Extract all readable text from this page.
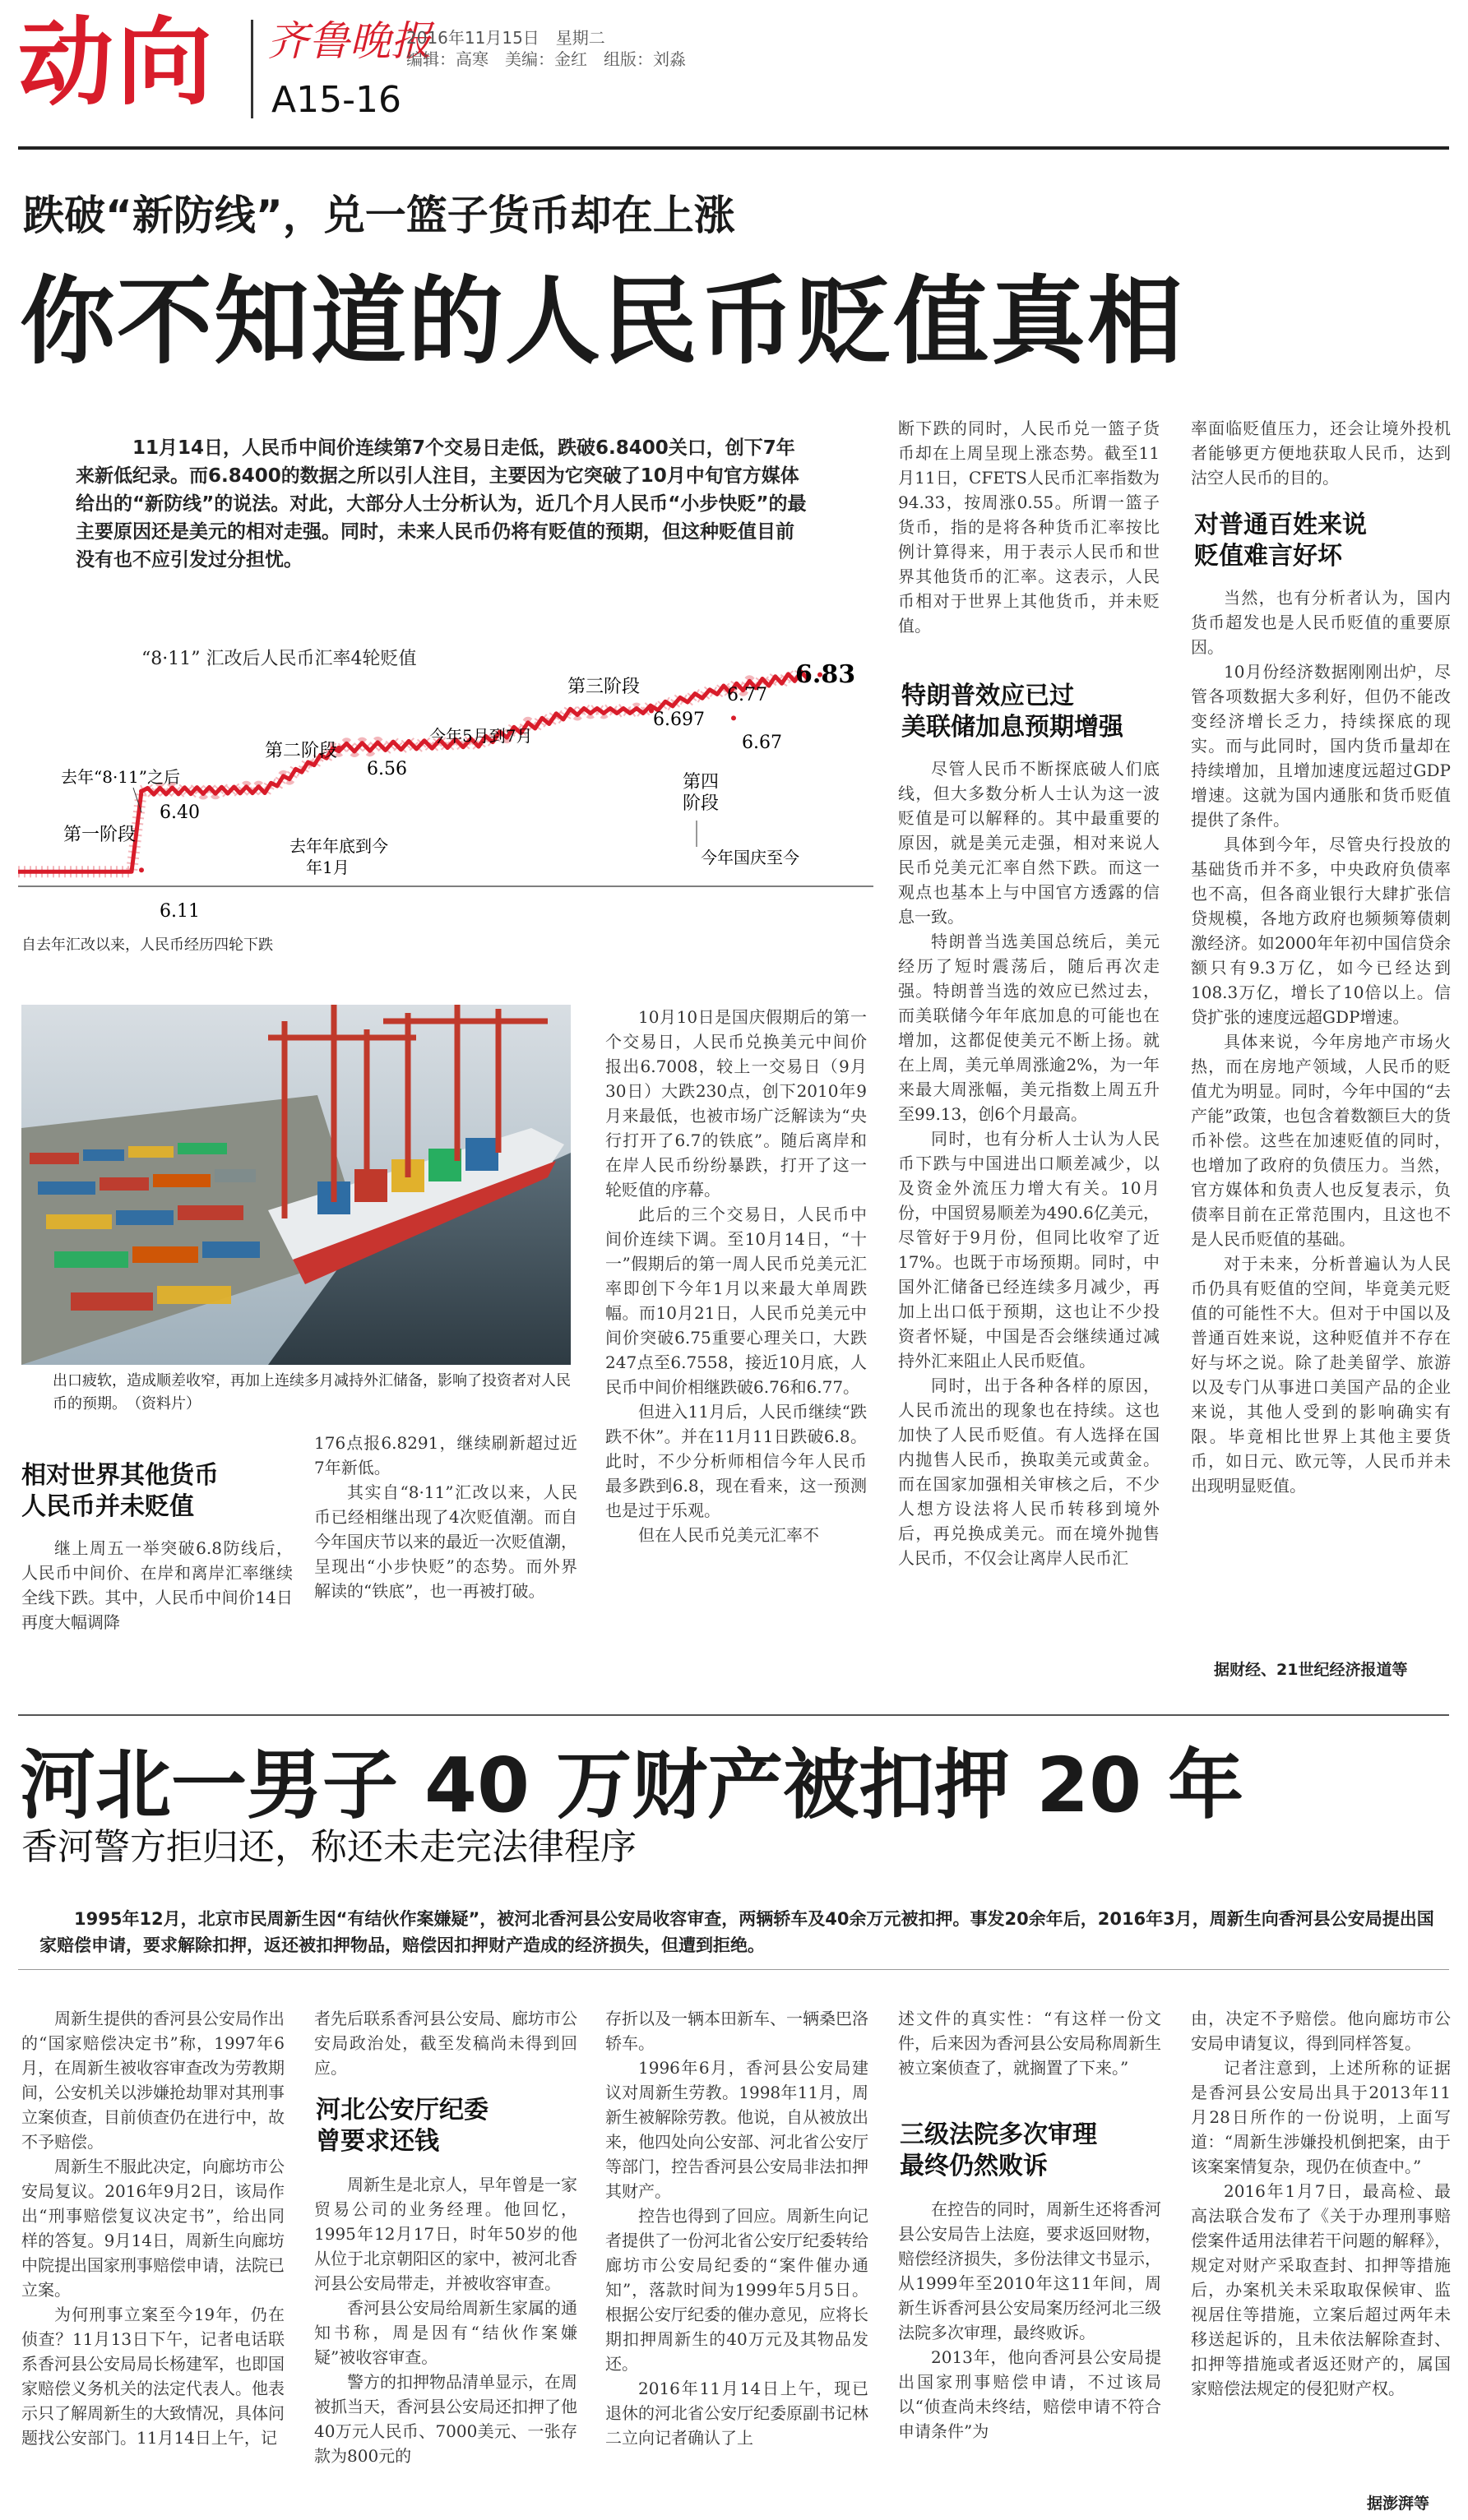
动向 齐鲁晚报
2016年11月15日　星期二
编辑：高寒　美编：金红　组版：刘淼
A15-16
跌破“新防线”，兑一篮子货币却在上涨
你不知道的人民币贬值真相
11月14日，人民币中间价连续第7个交易日走低，跌破6.8400关口，创下7年来新低纪录。而6.8400的数据之所以引人注目，主要因为它突破了10月中旬官方媒体给出的“新防线”的说法。对此，大部分人士分析认为，近几个月人民币“小步快贬”的最主要原因还是美元的相对走强。同时，未来人民币仍将有贬值的预期，但这种贬值目前没有也不应引发过分担忧。
“8·11” 汇改后人民币汇率4轮贬值
第一阶段
第二阶段
第三阶段
第四
阶段
6.11
6.40
6.56
6.697
6.67
6.77
6.83
去年“8·11”之后
去年年底到今
年1月
今年5月到7月
今年国庆至今
自去年汇改以来，人民币经历四轮下跌
出口疲软，造成顺差收窄，再加上连续多月减持外汇储备，影响了投资者对人民币的预期。　（资料片）
相对世界其他货币
人民币并未贬值

继上周五一举突破6.8防线后，人民币中间价、在岸和离岸汇率继续全线下跌。其中，人民币中间价14日再度大幅调降

176点报6.8291，继续刷新超过近7年新低。

其实自“8·11”汇改以来，人民币已经相继出现了4次贬值潮。而自今年国庆节以来的最近一次贬值潮，呈现出“小步快贬”的态势。而外界解读的“铁底”，也一再被打破。

10月10日是国庆假期后的第一个交易日，人民币兑换美元中间价报出6.7008，较上一交易日（9月30日）大跌230点，创下2010年9月来最低，也被市场广泛解读为“央行打开了6.7的铁底”。随后离岸和在岸人民币纷纷暴跌，打开了这一轮贬值的序幕。

此后的三个交易日，人民币中间价连续下调。至10月14日，“十一”假期后的第一周人民币兑美元汇率即创下今年1月以来最大单周跌幅。而10月21日，人民币兑美元中间价突破6.75重要心理关口，大跌247点至6.7558，接近10月底，人民币中间价相继跌破6.76和6.77。

但进入11月后，人民币继续“跌跌不休”。并在11月11日跌破6.8。此时，不少分析师相信今年人民币最多跌到6.8，现在看来，这一预测也是过于乐观。

但在人民币兑美元汇率不

断下跌的同时，人民币兑一篮子货币却在上周呈现上涨态势。截至11月11日，CFETS人民币汇率指数为94.33，按周涨0.55。所谓一篮子货币，指的是将各种货币汇率按比例计算得来，用于表示人民币和世界其他货币的汇率。这表示，人民币相对于世界上其他货币，并未贬值。

特朗普效应已过
美联储加息预期增强

尽管人民币不断探底破人们底线，但大多数分析人士认为这一波贬值是可以解释的。其中最重要的原因，就是美元走强，相对来说人民币兑美元汇率自然下跌。而这一观点也基本上与中国官方透露的信息一致。

特朗普当选美国总统后，美元经历了短时震荡后，随后再次走强。特朗普当选的效应已然过去，而美联储今年年底加息的可能也在增加，这都促使美元不断上扬。就在上周，美元单周涨逾2%，为一年来最大周涨幅，美元指数上周五升至99.13，创6个月最高。

同时，也有分析人士认为人民币下跌与中国进出口顺差减少，以及资金外流压力增大有关。10月份，中国贸易顺差为490.6亿美元，尽管好于9月份，但同比收窄了近17%。也既于市场预期。同时，中国外汇储备已经连续多月减少，再加上出口低于预期，这也让不少投资者怀疑，中国是否会继续通过减持外汇来阻止人民币贬值。

同时，出于各种各样的原因，人民币流出的现象也在持续。这也加快了人民币贬值。有人选择在国内抛售人民币，换取美元或黄金。而在国家加强相关审核之后，不少人想方设法将人民币转移到境外后，再兑换成美元。而在境外抛售人民币，不仅会让离岸人民币汇

率面临贬值压力，还会让境外投机者能够更方便地获取人民币，达到沽空人民币的目的。

对普通百姓来说
贬值难言好坏

当然，也有分析者认为，国内货币超发也是人民币贬值的重要原因。

10月份经济数据刚刚出炉，尽管各项数据大多利好，但仍不能改变经济增长乏力，持续探底的现实。而与此同时，国内货币量却在持续增加，且增加速度远超过GDP增速。这就为国内通胀和货币贬值提供了条件。

具体到今年，尽管央行投放的基础货币并不多，中央政府负债率也不高，但各商业银行大肆扩张信贷规模，各地方政府也频频筹债刺激经济。如2000年年初中国信贷余额只有9.3万亿，如今已经达到108.3万亿，增长了10倍以上。信贷扩张的速度远超GDP增速。

具体来说，今年房地产市场火热，而在房地产领域，人民币的贬值尤为明显。同时，今年中国的“去产能”政策，也包含着数额巨大的货币补偿。这些在加速贬值的同时，也增加了政府的负债压力。当然，官方媒体和负责人也反复表示，负债率目前在正常范围内，且这也不是人民币贬值的基础。

对于未来，分析普遍认为人民币仍具有贬值的空间，毕竟美元贬值的可能性不大。但对于中国以及普通百姓来说，这种贬值并不存在好与坏之说。除了赴美留学、旅游以及专门从事进口美国产品的企业来说，其他人受到的影响确实有限。毕竟相比世界上其他主要货币，如日元、欧元等，人民币并未出现明显贬值。

据财经、21世纪经济报道等
河北一男子 40 万财产被扣押 20 年
香河警方拒归还，称还未走完法律程序
1995年12月，北京市民周新生因“有结伙作案嫌疑”，被河北香河县公安局收容审查，两辆轿车及40余万元被扣押。事发20余年后，2016年3月，周新生向香河县公安局提出国家赔偿申请，要求解除扣押，返还被扣押物品，赔偿因扣押财产造成的经济损失，但遭到拒绝。

周新生提供的香河县公安局作出的“国家赔偿决定书”称，1997年6月，在周新生被收容审查改为劳教期间，公安机关以涉嫌抢劫罪对其刑事立案侦查，目前侦查仍在进行中，故不予赔偿。

周新生不服此决定，向廊坊市公安局复议。2016年9月2日，该局作出“刑事赔偿复议决定书”，给出同样的答复。9月14日，周新生向廊坊中院提出国家刑事赔偿申请，法院已立案。

为何刑事立案至今19年，仍在侦查？11月13日下午，记者电话联系香河县公安局局长杨建军，也即国家赔偿义务机关的法定代表人。他表示只了解周新生的大致情况，具体问题找公安部门。11月14日上午，记

者先后联系香河县公安局、廊坊市公安局政治处，截至发稿尚未得到回应。

河北公安厅纪委
曾要求还钱

周新生是北京人，早年曾是一家贸易公司的业务经理。他回忆，1995年12月17日，时年50岁的他从位于北京朝阳区的家中，被河北香河县公安局带走，并被收容审查。

香河县公安局给周新生家属的通知书称，周是因有“结伙作案嫌疑”被收容审查。

警方的扣押物品清单显示，在周被抓当天，香河县公安局还扣押了他40万元人民币、7000美元、一张存款为800元的

存折以及一辆本田新车、一辆桑巴洛轿车。

1996年6月，香河县公安局建议对周新生劳教。1998年11月，周新生被解除劳教。他说，自从被放出来，他四处向公安部、河北省公安厅等部门，控告香河县公安局非法扣押其财产。

控告也得到了回应。周新生向记者提供了一份河北省公安厅纪委转给廊坊市公安局纪委的“案件催办通知”，落款时间为1999年5月5日。根据公安厅纪委的催办意见，应将长期扣押周新生的40万元及其物品发还。

2016年11月14日上午，现已退休的河北省公安厅纪委原副书记林二立向记者确认了上

述文件的真实性：“有这样一份文件，后来因为香河县公安局称周新生被立案侦查了，就搁置了下来。”

三级法院多次审理
最终仍然败诉

在控告的同时，周新生还将香河县公安局告上法庭，要求返回财物，赔偿经济损失，多份法律文书显示，从1999年至2010年这11年间，周新生诉香河县公安局案历经河北三级法院多次审理，最终败诉。

2013年，他向香河县公安局提出国家刑事赔偿申请，不过该局以“侦查尚未终结，赔偿申请不符合申请条件”为

由，决定不予赔偿。他向廊坊市公安局申请复议，得到同样答复。

记者注意到，上述所称的证据是香河县公安局出具于2013年11月28日所作的一份说明，上面写道：“周新生涉嫌投机倒把案，由于该案案情复杂，现仍在侦查中。”

2016年1月7日，最高检、最高法联合发布了《关于办理刑事赔偿案件适用法律若干问题的解释》，规定对财产采取查封、扣押等措施后，办案机关未采取取保候审、监视居住等措施，立案后超过两年未移送起诉的，且未依法解除查封、扣押等措施或者返还财产的，属国家赔偿法规定的侵犯财产权。

据澎湃等
